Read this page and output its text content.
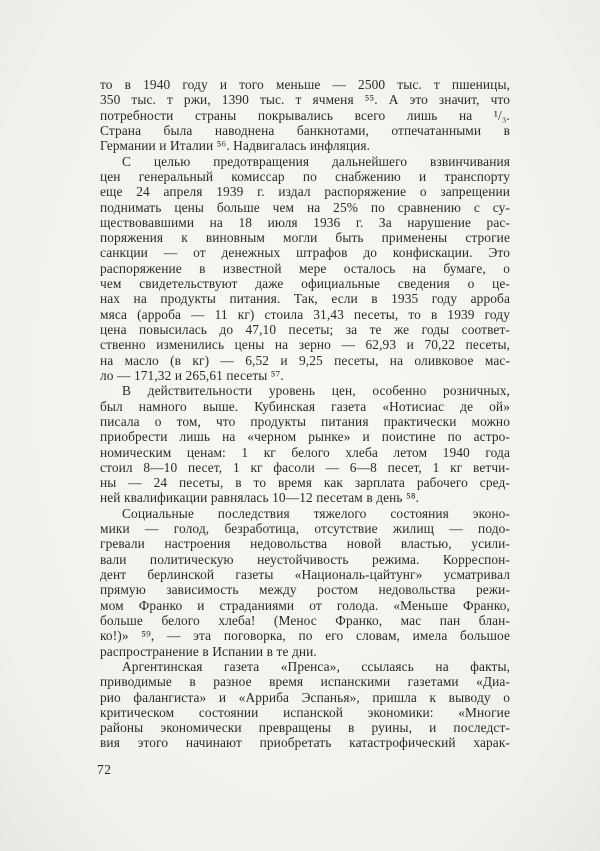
то в 1940 году и того меньше — 2500 тыс. т пшеницы,
350 тыс. т ржи, 1390 тыс. т ячменя ⁵⁵. А это значит, что
потребности страны покрывались всего лишь на ¹/₃.
Страна была наводнена банкнотами, отпечатанными в
Германии и Италии ⁵⁶. Надвигалась инфляция.
С целью предотвращения дальнейшего взвинчивания
цен генеральный комиссар по снабжению и транспорту
еще 24 апреля 1939 г. издал распоряжение о запрещении
поднимать цены больше чем на 25% по сравнению с су-
ществовавшими на 18 июля 1936 г. За нарушение рас-
поряжения к виновным могли быть применены строгие
санкции — от денежных штрафов до конфискации. Это
распоряжение в известной мере осталось на бумаге, о
чем свидетельствуют даже официальные сведения о це-
нах на продукты питания. Так, если в 1935 году арроба
мяса (арроба — 11 кг) стоила 31,43 песеты, то в 1939 году
цена повысилась до 47,10 песеты; за те же годы соответ-
ственно изменились цены на зерно — 62,93 и 70,22 песеты,
на масло (в кг) — 6,52 и 9,25 песеты, на оливковое мас-
ло — 171,32 и 265,61 песеты ⁵⁷.
В действительности уровень цен, особенно розничных,
был намного выше. Кубинская газета «Нотисиас де ой»
писала о том, что продукты питания практически можно
приобрести лишь на «черном рынке» и поистине по астро-
номическим ценам: 1 кг белого хлеба летом 1940 года
стоил 8—10 песет, 1 кг фасоли — 6—8 песет, 1 кг ветчи-
ны — 24 песеты, в то время как зарплата рабочего сред-
ней квалификации равнялась 10—12 песетам в день ⁵⁸.
Социальные последствия тяжелого состояния эконо-
мики — голод, безработица, отсутствие жилищ — подо-
гревали настроения недовольства новой властью, усили-
вали политическую неустойчивость режима. Корреспон-
дент берлинской газеты «Националь-цайтунг» усматривал
прямую зависимость между ростом недовольства режи-
мом Франко и страданиями от голода. «Меньше Франко,
больше белого хлеба! (Менос Франко, мас пан блан-
ко!)» ⁵⁹, — эта поговорка, по его словам, имела большое
распространение в Испании в те дни.
Аргентинская газета «Пренса», ссылаясь на факты,
приводимые в разное время испанскими газетами «Диа-
рио фалангиста» и «Арриба Эспанья», пришла к выводу о
критическом состоянии испанской экономики: «Многие
районы экономически превращены в руины, и последст-
вия этого начинают приобретать катастрофический харак-
72
